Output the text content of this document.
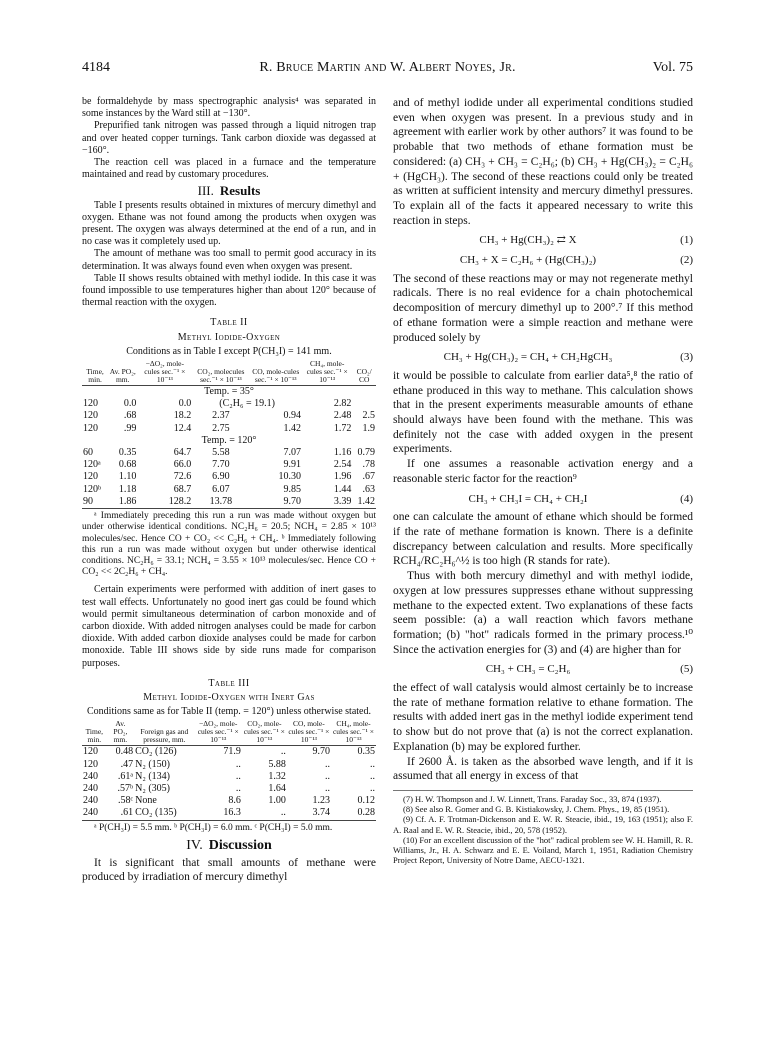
4184	R. Bruce Martin and W. Albert Noyes, Jr.	Vol. 75

be formaldehyde by mass spectrographic analysis⁴ was separated in some instances by the Ward still at −130°.

Prepurified tank nitrogen was passed through a liquid nitrogen trap and over heated copper turnings. Tank carbon dioxide was degassed at −160°.

The reaction cell was placed in a furnace and the temperature maintained and read by customary procedures.

III. Results

Table I presents results obtained in mixtures of mercury dimethyl and oxygen. Ethane was not found among the products when oxygen was present. The oxygen was always determined at the end of a run, and in no case was it completely used up.

The amount of methane was too small to permit good accuracy in its determination. It was always found even when oxygen was present.

Table II shows results obtained with methyl iodide. In this case it was found impossible to use temperatures higher than about 120° because of thermal reaction with the oxygen.

Table II
Methyl Iodide-Oxygen
Conditions as in Table I except P(CH₃I) = 141 mm.
Time, min.	Av. PO₂, mm.	−ΔO₂, mole-cules sec.⁻¹ × 10⁻¹³	CO₂, molecules sec.⁻¹ × 10⁻¹³	CO, mole-cules sec.⁻¹ × 10⁻¹³	CH₄, mole-cules sec.⁻¹ × 10⁻¹³	CO₂/ CO
Temp. = 35°						
120	0.0	0.0	(C₂H₆ = 19.1)		2.82	
120	.68	18.2	2.37	0.94	2.48	2.5
120	.99	12.4	2.75	1.42	1.72	1.9
Temp. = 120°						
60	0.35	64.7	5.58	7.07	1.16	0.79
120ᵃ	0.68	66.0	7.70	9.91	2.54	.78
120	1.10	72.6	6.90	10.30	1.96	.67
120ᵇ	1.18	68.7	6.07	9.85	1.44	.63
90	1.86	128.2	13.78	9.70	3.39	1.42

ᵃ Immediately preceding this run a run was made without oxygen but under otherwise identical conditions. NC₂H₆ = 20.5; NCH₄ = 2.85 × 10¹³ molecules/sec. Hence CO + CO₂ << C₂H₆ + CH₄. ᵇ Immediately following this run a run was made without oxygen but under otherwise identical conditions. NC₂H₆ = 33.1; NCH₄ = 3.55 × 10¹³ molecules/sec. Hence CO + CO₂ << 2C₂H₆ + CH₄.

Certain experiments were performed with addition of inert gases to test wall effects. Unfortunately no good inert gas could be found which would permit simultaneous determination of carbon monoxide and of carbon dioxide. With added nitrogen analyses could be made for carbon dioxide. With added carbon dioxide analyses could be made for carbon monoxide. Table III shows side by side runs made for comparison purposes.

Table III
Methyl Iodide-Oxygen with Inert Gas
Conditions same as for Table II (temp. = 120°) unless otherwise stated.
Time, min.	Av. PO₂, mm.	Foreign gas and pressure, mm.	−ΔO₂, mole-cules sec.⁻¹ × 10⁻¹³	CO₂, mole-cules sec.⁻¹ × 10⁻¹³	CO, mole-cules sec.⁻¹ × 10⁻¹³	CH₄, mole-cules sec.⁻¹ × 10⁻¹³
120	0.48	CO₂ (126)	71.9	..	9.70	0.35
120	.47	N₂ (150)	..	5.88	..	..
240	.61ᵃ	N₂ (134)	..	1.32	..	..
240	.57ᵇ	N₂ (305)	..	1.64	..	..
240	.58ᶜ	None	8.6	1.00	1.23	0.12
240	.61	CO₂ (135)	16.3	..	3.74	0.28

ᵃ P(CH₃I) = 5.5 mm. ᵇ P(CH₃I) = 6.0 mm. ᶜ P(CH₃I) = 5.0 mm.

IV. Discussion

It is significant that small amounts of methane were produced by irradiation of mercury dimethyl

and of methyl iodide under all experimental conditions studied even when oxygen was present. In a previous study and in agreement with earlier work by other authors⁷ it was found to be probable that two methods of ethane formation must be considered: (a) CH₃ + CH₃ = C₂H₆; (b) CH₃ + Hg(CH₃)₂ = C₂H₆ + (HgCH₃). The second of these reactions could only be treated as written at sufficient intensity and mercury dimethyl pressures. To explain all of the facts it appeared necessary to write this reaction in steps.

CH₃ + Hg(CH₃)₂ ⇄ X	(1)
CH₃ + X = C₂H₆ + (Hg(CH₃)₂)	(2)

The second of these reactions may or may not regenerate methyl radicals. There is no real evidence for a chain photochemical decomposition of mercury dimethyl up to 200°.⁷ If this method of ethane formation were a simple reaction and methane were produced solely by

CH₃ + Hg(CH₃)₂ = CH₄ + CH₂HgCH₃	(3)

it would be possible to calculate from earlier data⁵,⁸ the ratio of ethane produced in this way to methane. This calculation shows that in the present experiments measurable amounts of ethane should always have been found with the methane. This was definitely not the case with added oxygen in the present experiments.

If one assumes a reasonable activation energy and a reasonable steric factor for the reaction⁹

CH₃ + CH₃I = CH₄ + CH₂I	(4)

one can calculate the amount of ethane which should be formed if the rate of methane formation is known. There is a definite discrepancy between calculation and results. More specifically RCH₄/RC₂H₆^½ is too high (R stands for rate).

Thus with both mercury dimethyl and with methyl iodide, oxygen at low pressures suppresses ethane without suppressing methane to the expected extent. Two explanations of these facts seem possible: (a) a wall reaction which favors methane formation; (b) "hot" radicals formed in the primary process.¹⁰ Since the activation energies for (3) and (4) are higher than for

CH₃ + CH₃ = C₂H₆	(5)

the effect of wall catalysis would almost certainly be to increase the rate of methane formation relative to ethane formation. The results with added inert gas in the methyl iodide experiment tend to show but do not prove that (a) is not the correct explanation. Explanation (b) may be explored further.

If 2600 Å. is taken as the absorbed wave length, and if it is assumed that all energy in excess of that

(7) H. W. Thompson and J. W. Linnett, Trans. Faraday Soc., 33, 874 (1937).

(8) See also R. Gomer and G. B. Kistiakowsky, J. Chem. Phys., 19, 85 (1951).

(9) Cf. A. F. Trotman-Dickenson and E. W. R. Steacie, ibid., 19, 163 (1951); also F. A. Raal and E. W. R. Steacie, ibid., 20, 578 (1952).

(10) For an excellent discussion of the "hot" radical problem see W. H. Hamill, R. R. Williams, Jr., H. A. Schwarz and E. E. Voiland, March 1, 1951, Radiation Chemistry Project Report, University of Notre Dame, AECU-1321.
